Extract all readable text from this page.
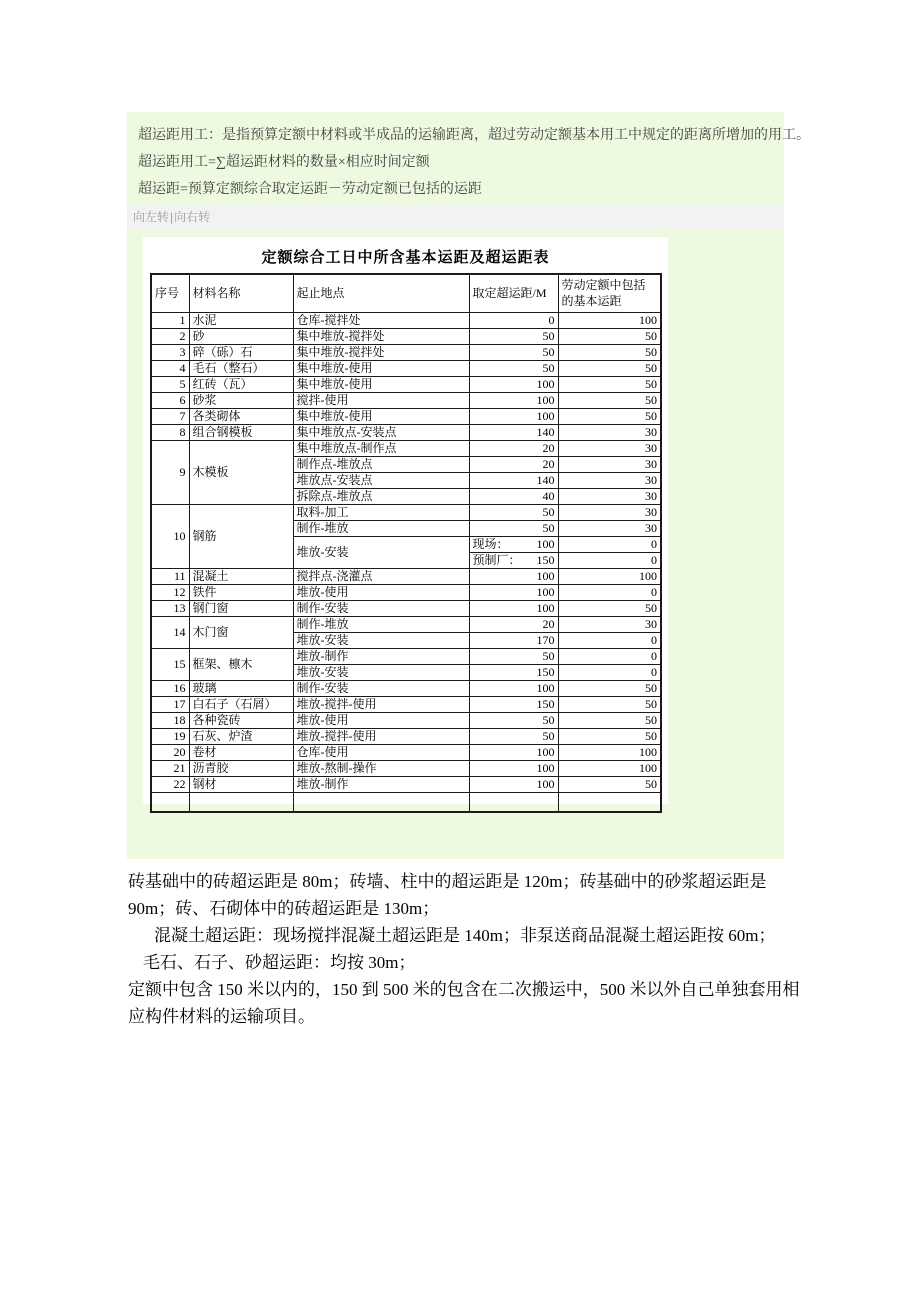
超运距用工：是指预算定额中材料或半成品的运输距离，超过劳动定额基本用工中规定的距离所增加的用工。
超运距用工=∑超运距材料的数量×相应时间定额
超运距=预算定额综合取定运距－劳动定额已包括的运距
向左转|向右转
定额综合工日中所含基本运距及超运距表
序号	材料名称	起止地点	取定超运距/M	劳动定额中包括的基本运距
1	水泥	仓库-搅拌处	0	100
2	砂	集中堆放-搅拌处	50	50
3	碎（砾）石	集中堆放-搅拌处	50	50
4	毛石（整石）	集中堆放-使用	50	50
5	红砖（瓦）	集中堆放-使用	100	50
6	砂浆	搅拌-使用	100	50
7	各类砌体	集中堆放-使用	100	50
8	组合钢模板	集中堆放点-安装点	140	30
9	木模板	集中堆放点-制作点	20	30
		制作点-堆放点	20	30
		堆放点-安装点	140	30
		拆除点-堆放点	40	30
10	钢筋	取料-加工	50	30
		制作-堆放	50	30
		堆放-安装	现场： 100	0

			预制厂： 150	0
11	混凝土	搅拌点-浇灌点	100	100
12	铁件	堆放-使用	100	0
13	钢门窗	制作-安装	100	50
14	木门窗	制作-堆放	20	30
		堆放-安装	170	0
15	框架、檩木	堆放-制作	50	0
		堆放-安装	150	0
16	玻璃	制作-安装	100	50
17	白石子（石屑）	堆放-搅拌-使用	150	50
18	各种瓷砖	堆放-使用	50	50
19	石灰、炉渣	堆放-搅拌-使用	50	50
20	卷材	仓库-使用	100	100
21	沥青胶	堆放-熬制-操作	100	100
22	钢材	堆放-制作	100	50

砖基础中的砖超运距是 80m；砖墙、柱中的超运距是 120m；砖基础中的砂浆超运距是
90m；砖、石砌体中的砖超运距是 130m；
混凝土超运距：现场搅拌混凝土超运距是 140m；非泵送商品混凝土超运距按 60m；
毛石、石子、砂超运距：均按 30m；
定额中包含 150 米以内的，150 到 500 米的包含在二次搬运中，500 米以外自己单独套用相
应构件材料的运输项目。
